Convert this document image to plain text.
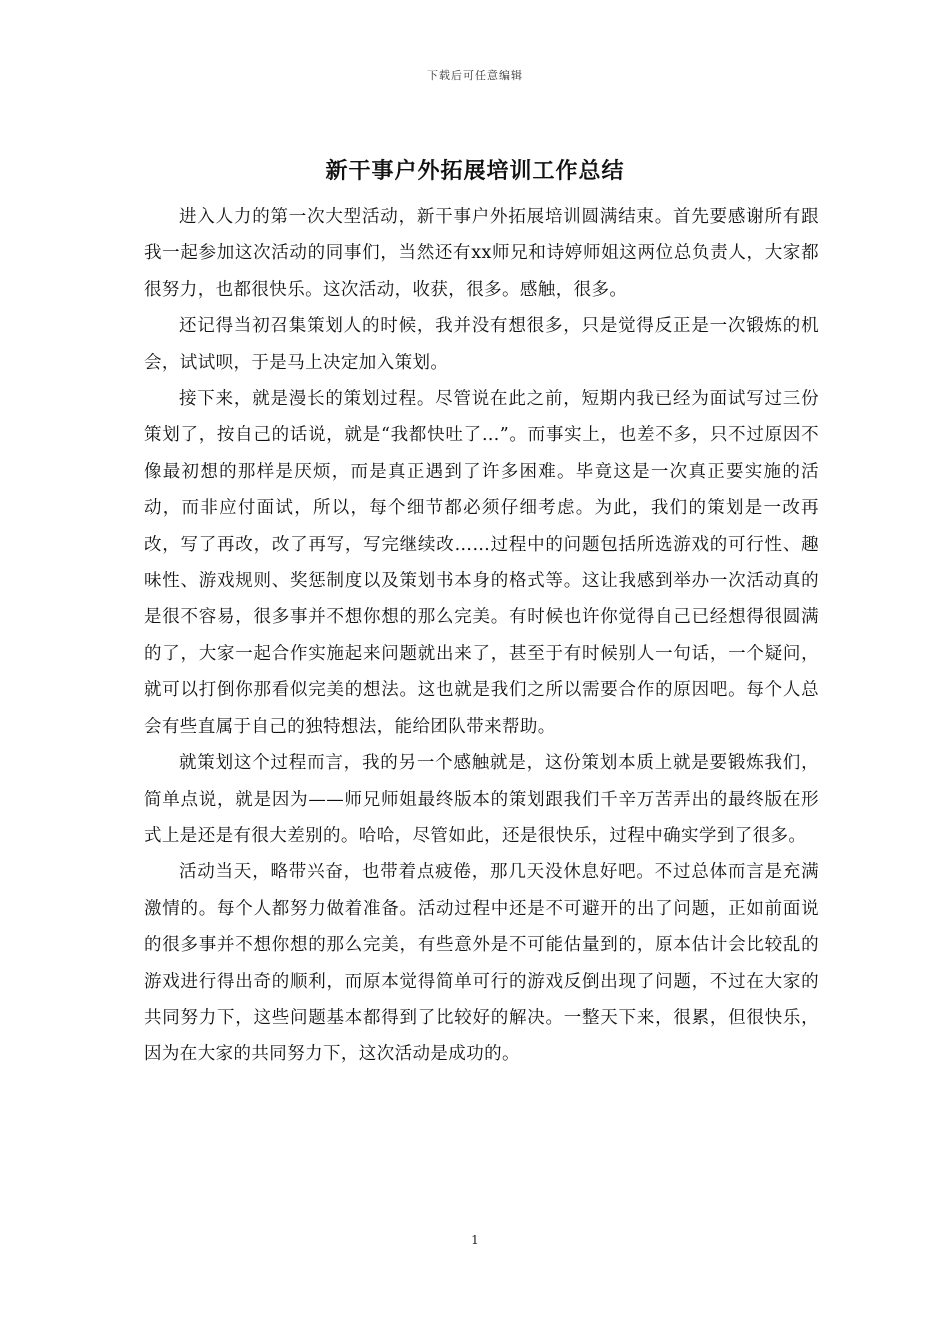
下载后可任意编辑
新干事户外拓展培训工作总结

进入人力的第一次大型活动，新干事户外拓展培训圆满结束。首先要感谢所有跟我一起参加这次活动的同事们，当然还有xx师兄和诗婷师姐这两位总负责人，大家都很努力，也都很快乐。这次活动，收获，很多。感触，很多。

还记得当初召集策划人的时候，我并没有想很多，只是觉得反正是一次锻炼的机会，试试呗，于是马上决定加入策划。

接下来，就是漫长的策划过程。尽管说在此之前，短期内我已经为面试写过三份策划了，按自己的话说，就是“我都快吐了…”。而事实上，也差不多，只不过原因不像最初想的那样是厌烦，而是真正遇到了许多困难。毕竟这是一次真正要实施的活动，而非应付面试，所以，每个细节都必须仔细考虑。为此，我们的策划是一改再改，写了再改，改了再写，写完继续改……过程中的问题包括所选游戏的可行性、趣味性、游戏规则、奖惩制度以及策划书本身的格式等。这让我感到举办一次活动真的是很不容易，很多事并不想你想的那么完美。有时候也许你觉得自己已经想得很圆满的了，大家一起合作实施起来问题就出来了，甚至于有时候别人一句话，一个疑问，就可以打倒你那看似完美的想法。这也就是我们之所以需要合作的原因吧。每个人总会有些直属于自己的独特想法，能给团队带来帮助。

就策划这个过程而言，我的另一个感触就是，这份策划本质上就是要锻炼我们，简单点说，就是因为——师兄师姐最终版本的策划跟我们千辛万苦弄出的最终版在形式上是还是有很大差别的。哈哈，尽管如此，还是很快乐，过程中确实学到了很多。

活动当天，略带兴奋，也带着点疲倦，那几天没休息好吧。不过总体而言是充满激情的。每个人都努力做着准备。活动过程中还是不可避开的出了问题，正如前面说的很多事并不想你想的那么完美，有些意外是不可能估量到的，原本估计会比较乱的游戏进行得出奇的顺利，而原本觉得简单可行的游戏反倒出现了问题，不过在大家的共同努力下，这些问题基本都得到了比较好的解决。一整天下来，很累，但很快乐，因为在大家的共同努力下，这次活动是成功的。

1
